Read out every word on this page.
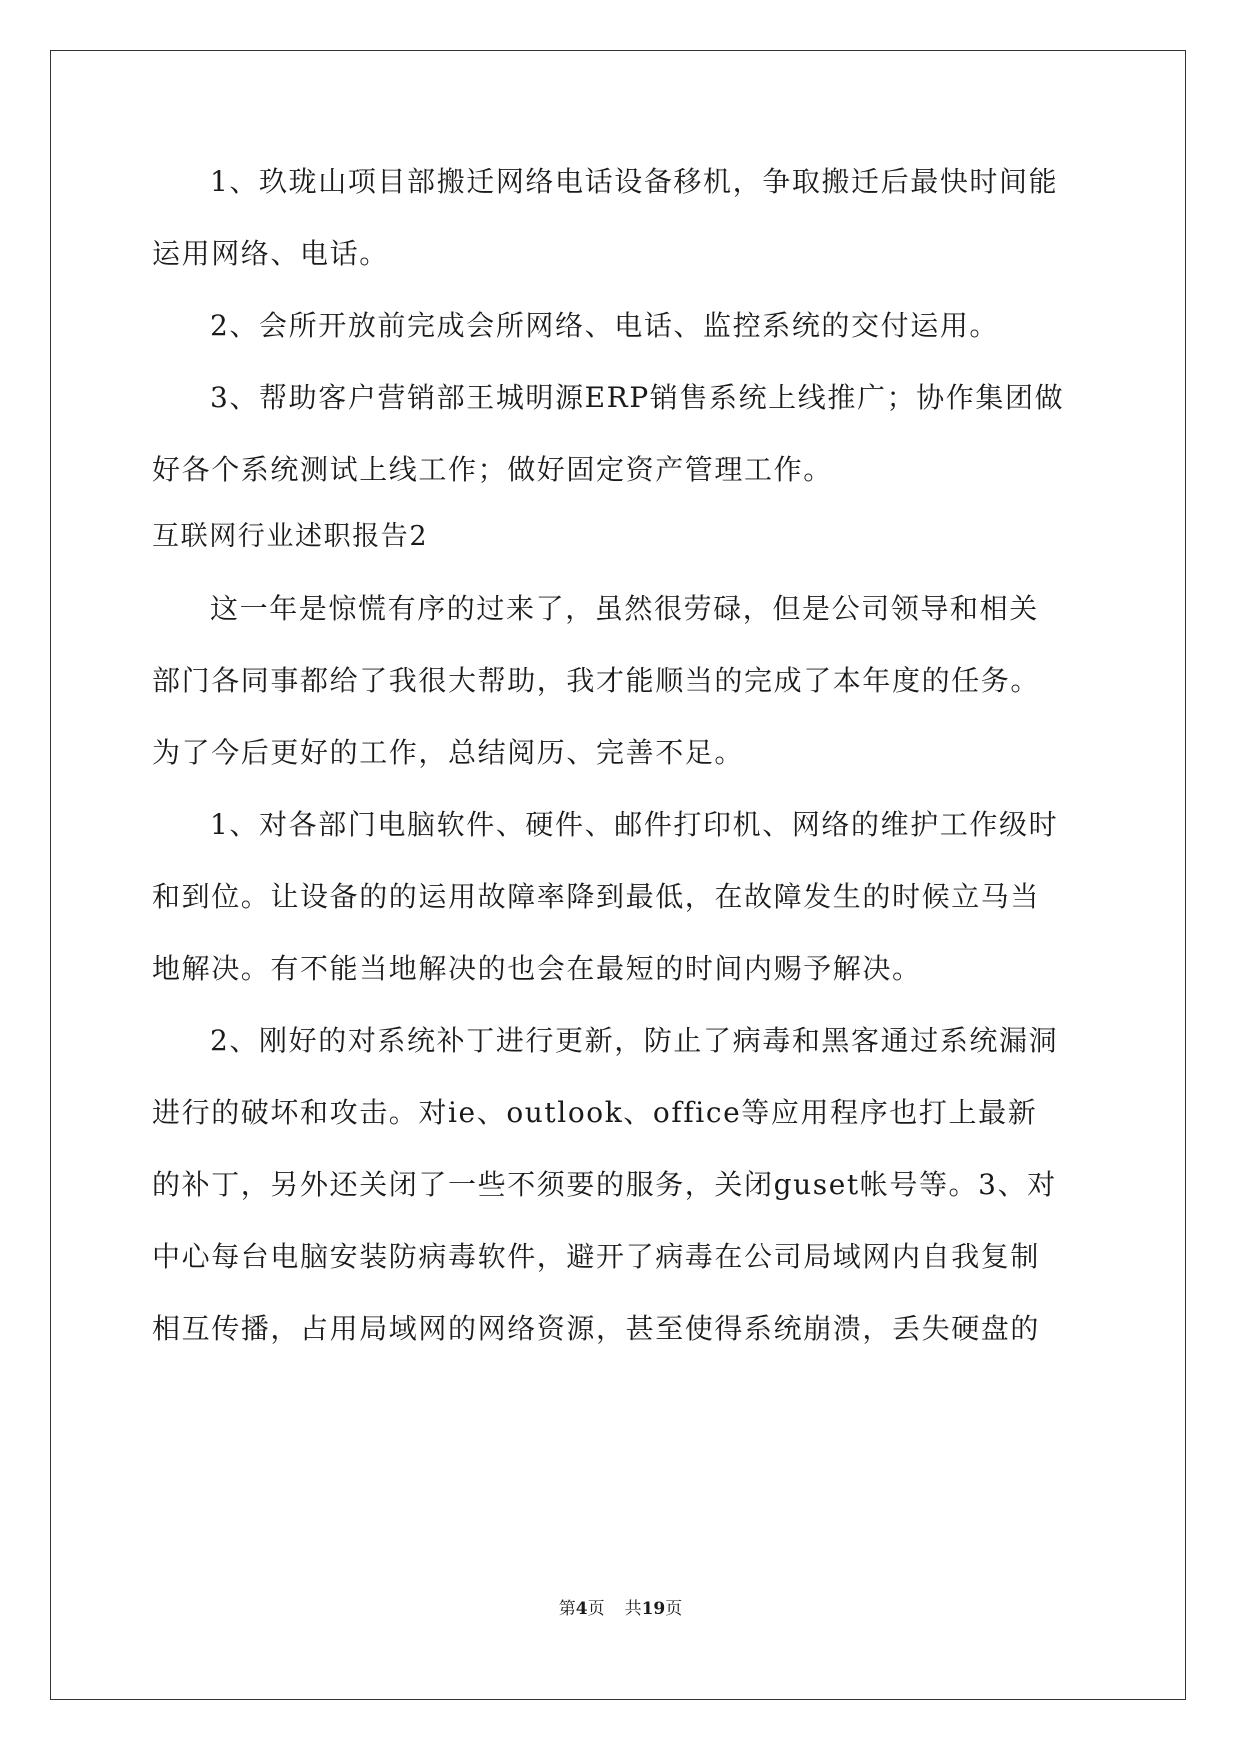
1、玖珑山项目部搬迁网络电话设备移机，争取搬迁后最快时间能
运用网络、电话。
2、会所开放前完成会所网络、电话、监控系统的交付运用。
3、帮助客户营销部王城明源ERP销售系统上线推广；协作集团做
好各个系统测试上线工作；做好固定资产管理工作。
互联网行业述职报告2
这一年是惊慌有序的过来了，虽然很劳碌，但是公司领导和相关
部门各同事都给了我很大帮助，我才能顺当的完成了本年度的任务。
为了今后更好的工作，总结阅历、完善不足。
1、对各部门电脑软件、硬件、邮件打印机、网络的维护工作级时
和到位。让设备的的运用故障率降到最低，在故障发生的时候立马当
地解决。有不能当地解决的也会在最短的时间内赐予解决。
2、刚好的对系统补丁进行更新，防止了病毒和黑客通过系统漏洞
进行的破坏和攻击。对ie、outlook、office等应用程序也打上最新
的补丁，另外还关闭了一些不须要的服务，关闭guset帐号等。3、对
中心每台电脑安装防病毒软件，避开了病毒在公司局域网内自我复制
相互传播，占用局域网的网络资源，甚至使得系统崩溃，丢失硬盘的
第4页 共19页
